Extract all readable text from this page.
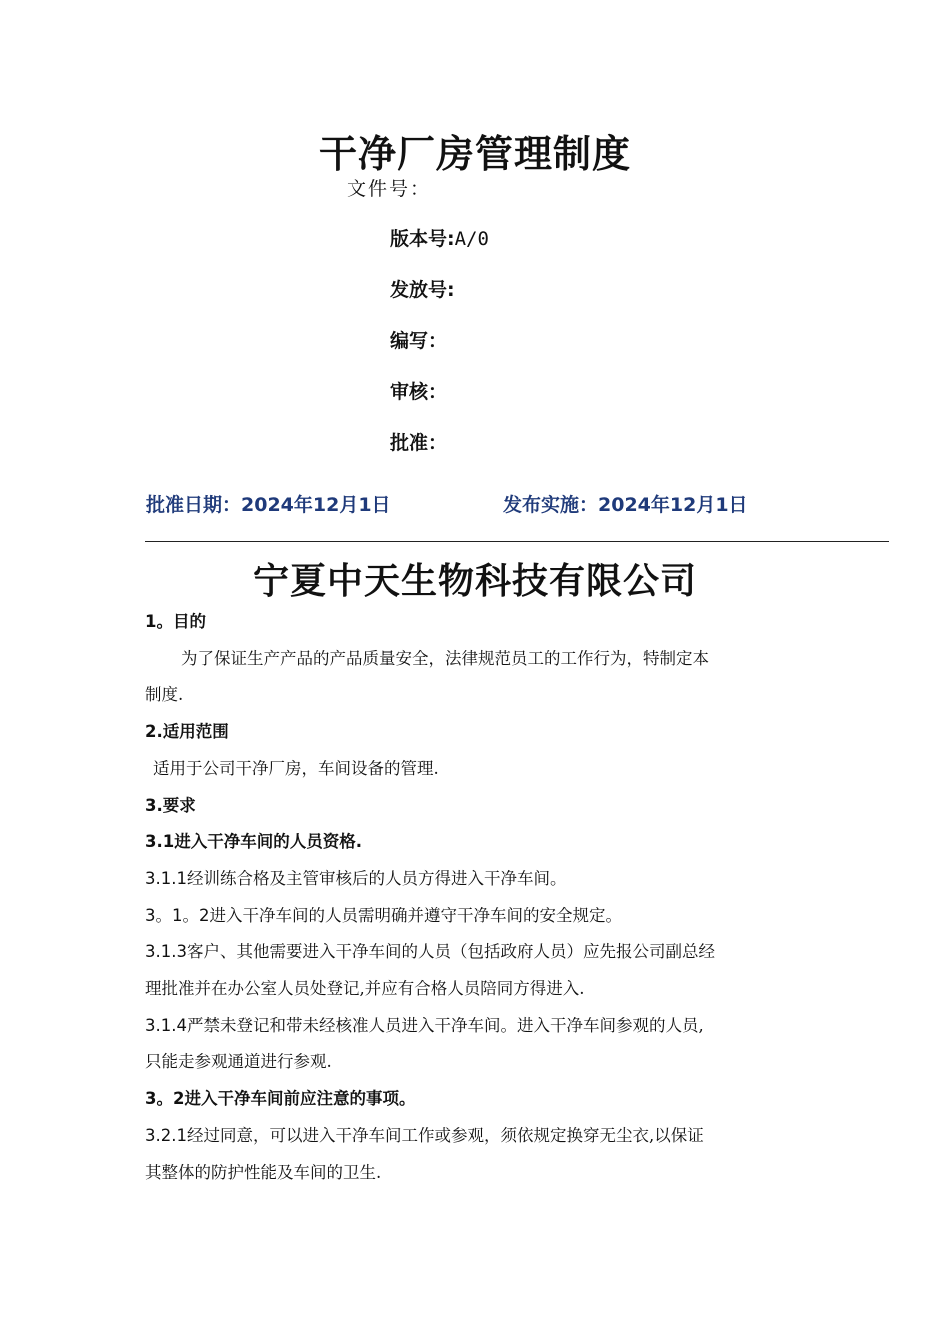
干净厂房管理制度
文件号：
版本号:A/0
发放号:
编写：
审核：
批准：
批准日期：2024年12月1日	发布实施：2024年12月1日
宁夏中天生物科技有限公司

1。目的

为了保证生产产品的产品质量安全，法律规范员工的工作行为，特制定本

制度.

2.适用范围

适用于公司干净厂房，车间设备的管理.

3.要求

3.1进入干净车间的人员资格.

3.1.1经训练合格及主管审核后的人员方得进入干净车间。

3。1。2进入干净车间的人员需明确并遵守干净车间的安全规定。

3.1.3客户、其他需要进入干净车间的人员（包括政府人员）应先报公司副总经

理批准并在办公室人员处登记,并应有合格人员陪同方得进入.

3.1.4严禁未登记和带未经核准人员进入干净车间。进入干净车间参观的人员,

只能走参观通道进行参观.

3。2进入干净车间前应注意的事项。

3.2.1经过同意，可以进入干净车间工作或参观，须依规定换穿无尘衣,以保证

其整体的防护性能及车间的卫生.
